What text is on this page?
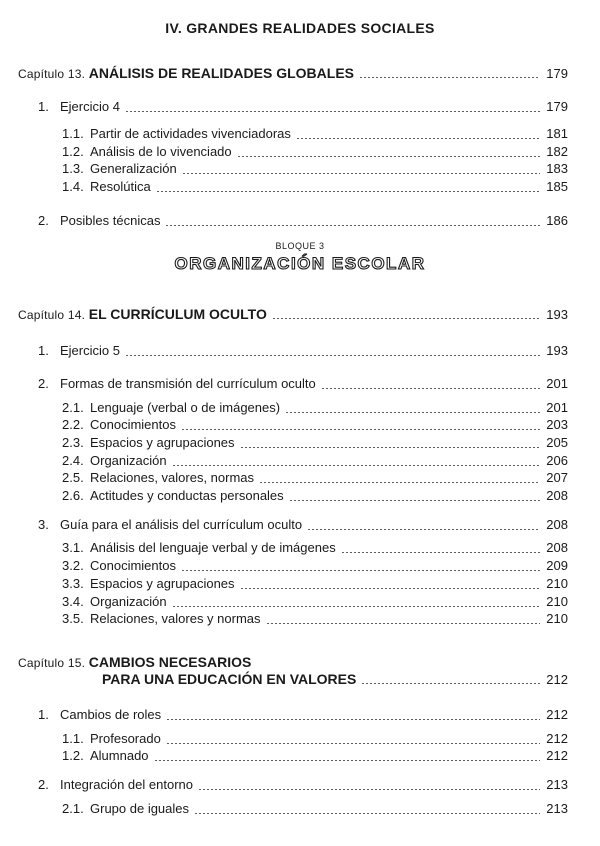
IV. GRANDES REALIDADES SOCIALES
Capítulo 13. ANÁLISIS DE REALIDADES GLOBALES	179
1. Ejercicio 4	179
1.1. Partir de actividades vivenciadoras	181
1.2. Análisis de lo vivenciado	182
1.3. Generalización	183
1.4. Resolútica	185
2. Posibles técnicas	186
BLOQUE 3
ORGANIZACIÓN ESCOLAR
Capítulo 14. EL CURRÍCULUM OCULTO	193
1. Ejercicio 5	193
2. Formas de transmisión del currículum oculto	201
2.1. Lenguaje (verbal o de imágenes)	201
2.2. Conocimientos	203
2.3. Espacios y agrupaciones	205
2.4. Organización	206
2.5. Relaciones, valores, normas	207
2.6. Actitudes y conductas personales	208
3. Guía para el análisis del currículum oculto	208
3.1. Análisis del lenguaje verbal y de imágenes	208
3.2. Conocimientos	209
3.3. Espacios y agrupaciones	210
3.4. Organización	210
3.5. Relaciones, valores y normas	210
Capítulo 15. CAMBIOS NECESARIOS
PARA UNA EDUCACIÓN EN VALORES	212
1. Cambios de roles	212
1.1. Profesorado	212
1.2. Alumnado	212
2. Integración del entorno	213
2.1. Grupo de iguales	213
